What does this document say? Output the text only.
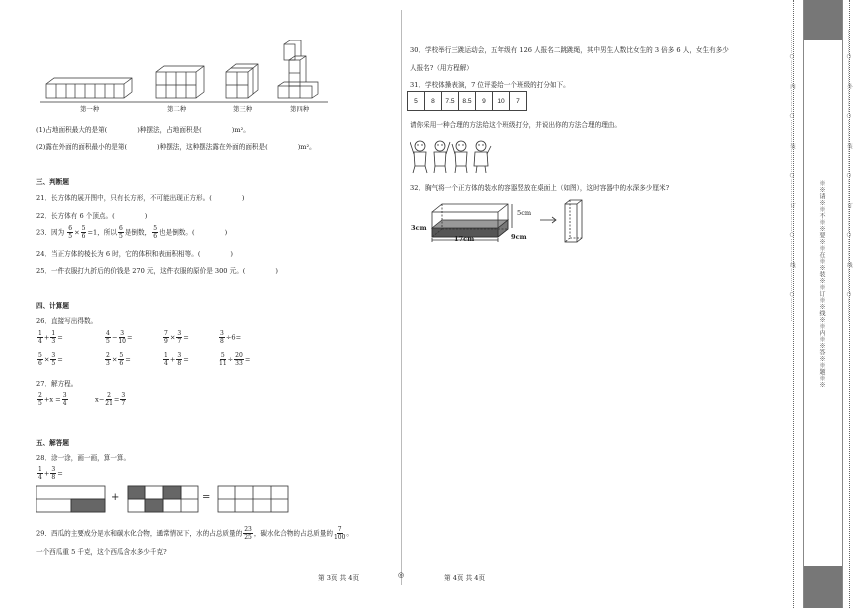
第一种	第二种	第三种	第四种
(1)占地面积最大的是第(	)种摆法，占地面积是(	)m²。
(2)露在外面的面积最小的是第(	)种摆法，这种摆法露在外面的面积是(	)m²。
三、判断题
21．长方体的展开图中，只有长方形，不可能出现正方形。(	)
22．长方体有 6 个顶点。(	)
23．因为 $\frac{6}{5} \times \frac{5}{6} =1$，所以 $\frac{6}{5}$ 是倒数， $\frac{5}{6}$ 也是倒数。(	)
24．当正方体的棱长为 6 时，它的体积和表面积相等。(	)
25．一件衣服打九折后的价钱是 270 元，这件衣服的原价是 300 元。(	)
四、计算题
26．直接写出得数。
$\frac{1}{4} + \frac{1}{3}$ =	$\frac{4}{5} - \frac{3}{10}$ =	$\frac{7}{9} \times \frac{3}{7}$ =	$\frac{3}{8} \div 6=$
$\frac{5}{6} \times \frac{3}{5}$ =	$\frac{2}{3} \times \frac{5}{6}$ =	$\frac{1}{4} + \frac{3}{8}$ =	$\frac{5}{11} \div \frac{20}{33}$ =
27．解方程。
$\frac{2}{5} +x = \frac{3}{4}$	$x- \frac{2}{21} = \frac{3}{7}$
五、解答题
28．涂一涂，画一画，算一算。
$\frac{1}{4} + \frac{3}{8}$ =
+	=
29．西瓜的主要成分是水和碳水化合物，通常情况下，水的占总质量的 $\frac{23}{25}$ ，碳水化合物的占总质量的 $\frac{7}{100}$ 。
一个西瓜重 5 千克，这个西瓜含水多少千克?
30．学校举行三跳运动会，五年级有 126 人报名二跳跳绳，其中男生人数比女生的 3 倍多 6 人，女生有多少
人报名?（用方程解）
31．学校体操表演，7 位评委给一个班级的打分如下。
5	8	7.5	8.5	9	10	7
请你采用一种合理的方法给这个班级打分，并说出你的方法合理的理由。
32．胸气将一个正方体的装水的容器竖放在桌面上（如图），这时容器中的水深多少厘米?
5cm
3cm
17cm	9cm
第 3页 共 4页	◎	第 4页 共 4页
※※请※※不※※要※※在※※装※※订※※线※※内※※答※※题※※
…………○…………内…………○…………装…………○…………订…………○…………线…………○…………	…………○…………外…………○…………装…………○…………订…………○…………线…………○…………
